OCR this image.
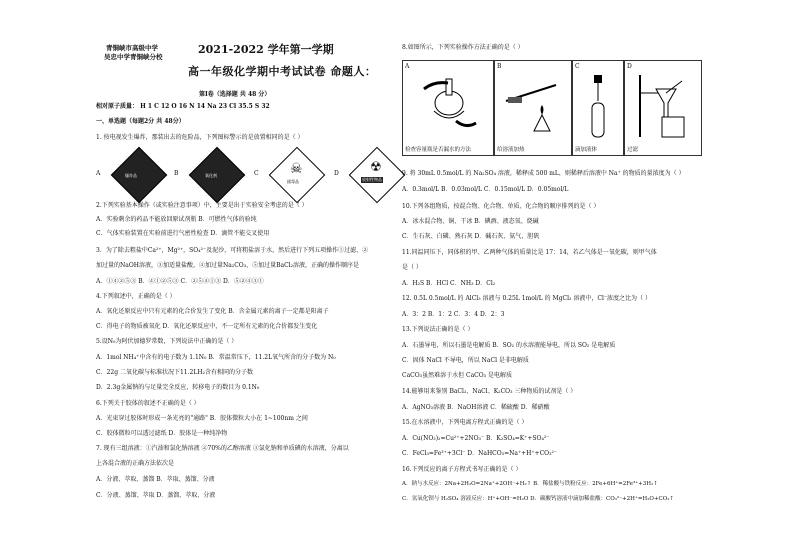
青铜峡市高级中学
吴忠中学青铜峡分校
2021-2022 学年第一学期
高一年级化学期中考试试卷 命题人：
第Ⅰ卷（选择题 共 48 分）
相对原子质量： H 1 C 12 O 16 N 14 Na 23 Cl 35.5 S 32
一、单选题（每题2分 共 48分）
1. 按电视发生爆炸，那装出去的危险品，下列图标警示的是放置相同的是（ ）
A	爆炸品	B	氧化剂	C ☠
剧毒品
D ☢
放射性物品
2.下列实验基本操作（或实验注意事项）中，主要是出于实验安全考虑的是（ ）
A．实验剩余的药品不能放回原试剂瓶 B．可燃性气体的验纯
C．气体实验装置在实验前进行气密性检查 D．滴管不能交叉使用
3．为了除去粗盐中Ca²⁺，Mg²⁺，SO₄²⁻及泥沙，可将粗盐溶于水，然后进行下列五项操作①过滤，②
加过量的NaOH溶液，③加适量盐酸，④加过量Na₂CO₃，⑤加过量BaCl₂溶液，正确的操作顺序是
A．①④②⑤③ B．④①②⑤③ C．②⑤④①③ D．⑤②④③①
4.下列叙述中，正确的是（ ）
A．氧化还原反应中只有元素的化合价发生了变化 B．含金属元素的离子一定都是阳离子
C．得电子的物质被氧化 D．氧化还原反应中，不一定所有元素的化合价都发生变化
5.设N₀为阿伏加德罗常数，下列说法中正确的是（ ）
A．1mol NH₄⁺中含有的电子数为 1.1N₀ B．常温常压下，11.2L氧气所含的分子数为 N₀
C．22g 二氧化碳与标准状况下11.2LH₂含有相同的分子数
D．2.3g金属钠的与足量完全反应，转移电子的数目为 0.1N₀
6.下列关于胶体的叙述不正确的是（ ）
A．光束穿过胶体时形成一条光亮的"通路" B．胶体微粒大小在 1~100nm 之间
C．胶体微粒可以透过滤纸 D．胶体是一种纯净物
7. 现有三组溶液：①汽油和氯化钠溶液 ②70%的乙醇溶液 ③氯化钠和单质碘的水溶液，分离以
上各混合液的正确方法依次是
A．分液、萃取、蒸馏 B．萃取、蒸馏、分液
C．分液、蒸馏、萃取 D．蒸馏、萃取、分液
8.如图所示，下列实验操作方法正确的是（ ）
A
检查容量瓶是否漏水的方法
B
给溶液加热
C
滴加液体
D
过滤
9. 将 30mL 0.5mol/L 的 Na₂SO₄ 溶液，稀释成 500 mL，则稀释后溶液中 Na⁺ 的物质的量浓度为（ ）
A．0.3mol/L B．0.03mol/L C．0.15mol/L D．0.05mol/L
10.下列各组物质，按混合物、化合物、单质、化合物的顺序排列的是（ ）
A．冰水混合物、铜、干冰 B．碘酒、液态氧、烧碱
C．生石灰、白磷、熟石灰 D．碱石灰、氨气、胆矾
11.同温同压下，同体积的甲、乙两种气体的质量比是 17：14，若乙气体是一氧化碳，则甲气体
是（ ）
A．H₂S B．HCl C．NH₃ D．Cl₂
12. 0.5L 0.5mol/L 的 AlCl₃ 溶液与 0.25L 1mol/L 的 MgCl₂ 溶液中，Cl⁻浓度之比为（ ）
A．3：2 B．1：2 C．3：4 D．2：3
13.下列说法正确的是（ ）
A．石墨导电，所以石墨是电解质 B．SO₂ 的水溶液能导电，所以 SO₂ 是电解质
C．固体 NaCl 不导电，所以 NaCl 是非电解质
CaCO₃虽然难溶于水但 CaCO₃ 是电解质
14.能够用来鉴别 BaCl₂、NaCl、K₂CO₃ 三种物质的试剂是（ ）
A．AgNO₃溶液 B．NaOH溶液 C．稀硫酸 D．稀硝酸
15.在水溶液中，下列电离方程式正确的是（ ）
A．Cu(NO₃)₂=Cu²⁺+2NO₃⁻ B．K₂SO₄=K⁺+SO₄²⁻
C．FeCl₃=Fe³⁺+3Cl⁻ D．NaHCO₃=Na⁺+H⁺+CO₃²⁻
16.下列反应的离子方程式书写正确的是（ ）
A．钠与水反应：2Na+2H₂O=2Na⁺+2OH⁻+H₂↑ B．稀盐酸与铁粉反应：2Fe+6H⁺=2Fe³⁺+3H₂↑
C．氢氧化钡与 H₂SO₄ 溶液反应：H⁺+OH⁻=H₂O D．碳酸钙溶液中滴加稀盐酸：CO₃²⁻+2H⁺=H₂O+CO₂↑
